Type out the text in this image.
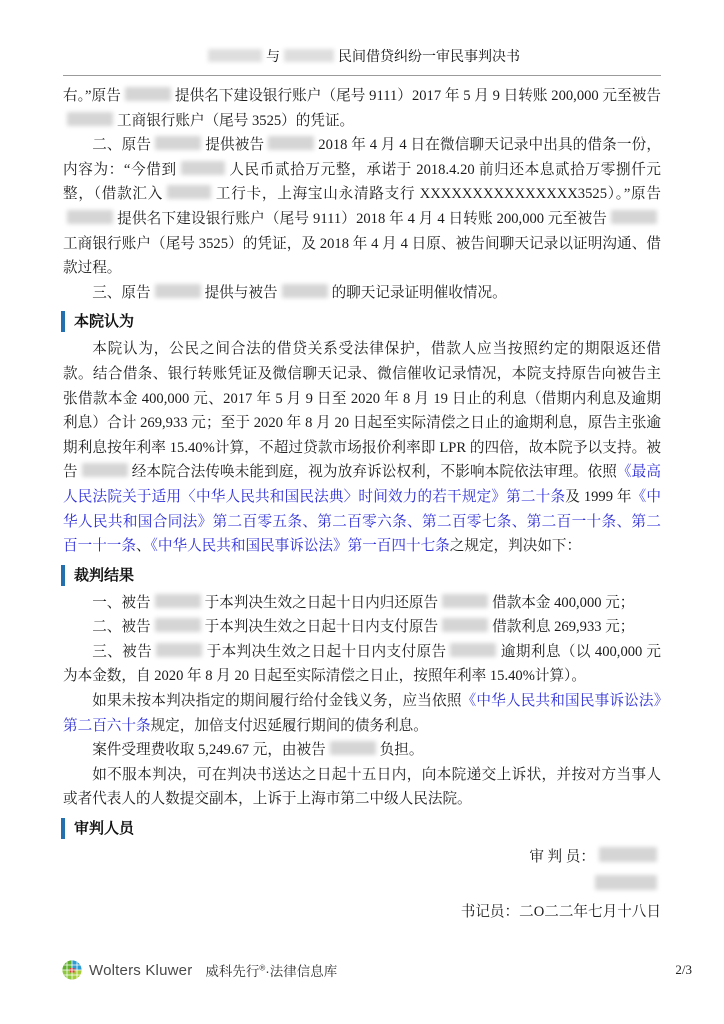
与	民间借贷纠纷一审民事判决书

右。”原告	提供名下建设银行账户（尾号 9111）2017 年 5 月 9 日转账 200,000 元至被告工商银行账户（尾号 3525）的凭证。

二、原告	提供被告	2018 年 4 月 4 日在微信聊天记录中出具的借条一份，内容为：“今借到	人民币贰拾万元整，承诺于 2018.4.20 前归还本息贰拾万零捌仟元整，（借款汇入	工行卡，上海宝山永清路支行 XXXXXXXXXXXXXXX3525）。”原告提供名下建设银行账户（尾号 9111）2018 年 4 月 4 日转账 200,000 元至被告工商银行账户（尾号 3525）的凭证，及 2018 年 4 月 4 日原、被告间聊天记录以证明沟通、借款过程。

三、原告	提供与被告	的聊天记录证明催收情况。

本院认为

本院认为，公民之间合法的借贷关系受法律保护，借款人应当按照约定的期限返还借款。结合借条、银行转账凭证及微信聊天记录、微信催收记录情况，本院支持原告向被告主张借款本金 400,000 元、2017 年 5 月 9 日至 2020 年 8 月 19 日止的利息（借期内利息及逾期利息）合计 269,933 元；至于 2020 年 8 月 20 日起至实际清偿之日止的逾期利息，原告主张逾期利息按年利率 15.40%计算，不超过贷款市场报价利率即 LPR 的四倍，故本院予以支持。被告	经本院合法传唤未能到庭，视为放弃诉讼权利，不影响本院依法审理。依照《最高人民法院关于适用〈中华人民共和国民法典〉时间效力的若干规定》第二十条及 1999 年《中华人民共和国合同法》第二百零五条、第二百零六条、第二百零七条、第二百一十条、第二百一十一条、《中华人民共和国民事诉讼法》第一百四十七条之规定，判决如下：

裁判结果

一、被告	于本判决生效之日起十日内归还原告	借款本金 400,000 元；

二、被告	于本判决生效之日起十日内支付原告	借款利息 269,933 元；

三、被告	于本判决生效之日起十日内支付原告	逾期利息（以 400,000 元为本金数，自 2020 年 8 月 20 日起至实际清偿之日止，按照年利率 15.40%计算）。

如果未按本判决指定的期间履行给付金钱义务，应当依照《中华人民共和国民事诉讼法》第二百六十条规定，加倍支付迟延履行期间的债务利息。

案件受理费收取 5,249.67 元，由被告	负担。

如不服本判决，可在判决书送达之日起十五日内，向本院递交上诉状，并按对方当事人或者代表人的人数提交副本，上诉于上海市第二中级人民法院。

审判人员
审 判 员：
书记员：二O二二年七月十八日
Wolters Kluwer 威科先行®·法律信息库	2/3
